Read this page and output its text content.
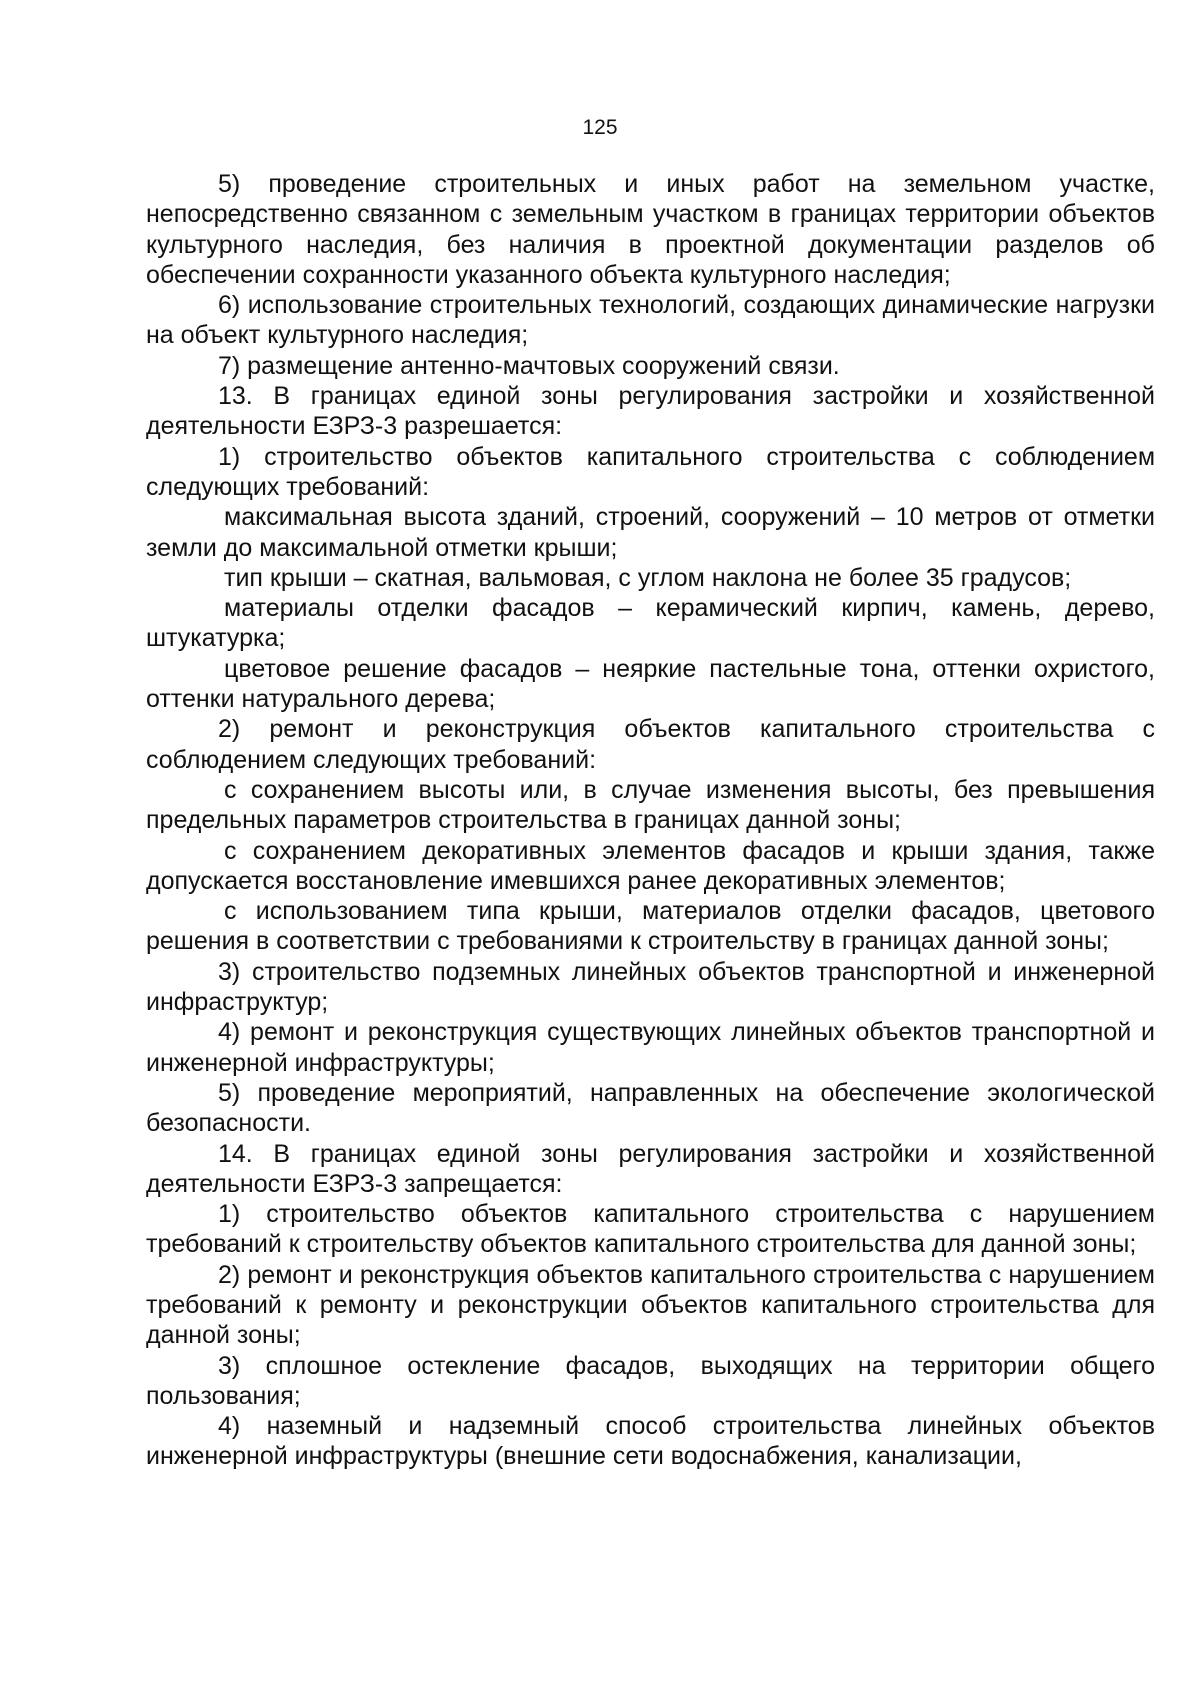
125

5) проведение строительных и иных работ на земельном участке, непосредственно связанном с земельным участком в границах территории объектов культурного наследия, без наличия в проектной документации разделов об обеспечении сохранности указанного объекта культурного наследия;

6) использование строительных технологий, создающих динамические нагрузки на объект культурного наследия;

7) размещение антенно-мачтовых сооружений связи.

13. В границах единой зоны регулирования застройки и хозяйственной деятельности ЕЗРЗ-3 разрешается:

1) строительство объектов капитального строительства с соблюдением следующих требований:

максимальная высота зданий, строений, сооружений – 10 метров от отметки земли до максимальной отметки крыши;

тип крыши – скатная, вальмовая, с углом наклона не более 35 градусов;

материалы отделки фасадов – керамический кирпич, камень, дерево, штукатурка;

цветовое решение фасадов – неяркие пастельные тона, оттенки охристого, оттенки натурального дерева;

2) ремонт и реконструкция объектов капитального строительства с соблюдением следующих требований:

с сохранением высоты или, в случае изменения высоты, без превышения предельных параметров строительства в границах данной зоны;

с сохранением декоративных элементов фасадов и крыши здания, также допускается восстановление имевшихся ранее декоративных элементов;

с использованием типа крыши, материалов отделки фасадов, цветового решения в соответствии с требованиями к строительству в границах данной зоны;

3) строительство подземных линейных объектов транспортной и инженерной инфраструктур;

4) ремонт и реконструкция существующих линейных объектов транспортной и инженерной инфраструктуры;

5) проведение мероприятий, направленных на обеспечение экологической безопасности.

14. В границах единой зоны регулирования застройки и хозяйственной деятельности ЕЗРЗ-3 запрещается:

1) строительство объектов капитального строительства с нарушением требований к строительству объектов капитального строительства для данной зоны;

2) ремонт и реконструкция объектов капитального строительства с нарушением требований к ремонту и реконструкции объектов капитального строительства для данной зоны;

3) сплошное остекление фасадов, выходящих на территории общего пользования;

4) наземный и надземный способ строительства линейных объектов инженерной инфраструктуры (внешние сети водоснабжения, канализации,
